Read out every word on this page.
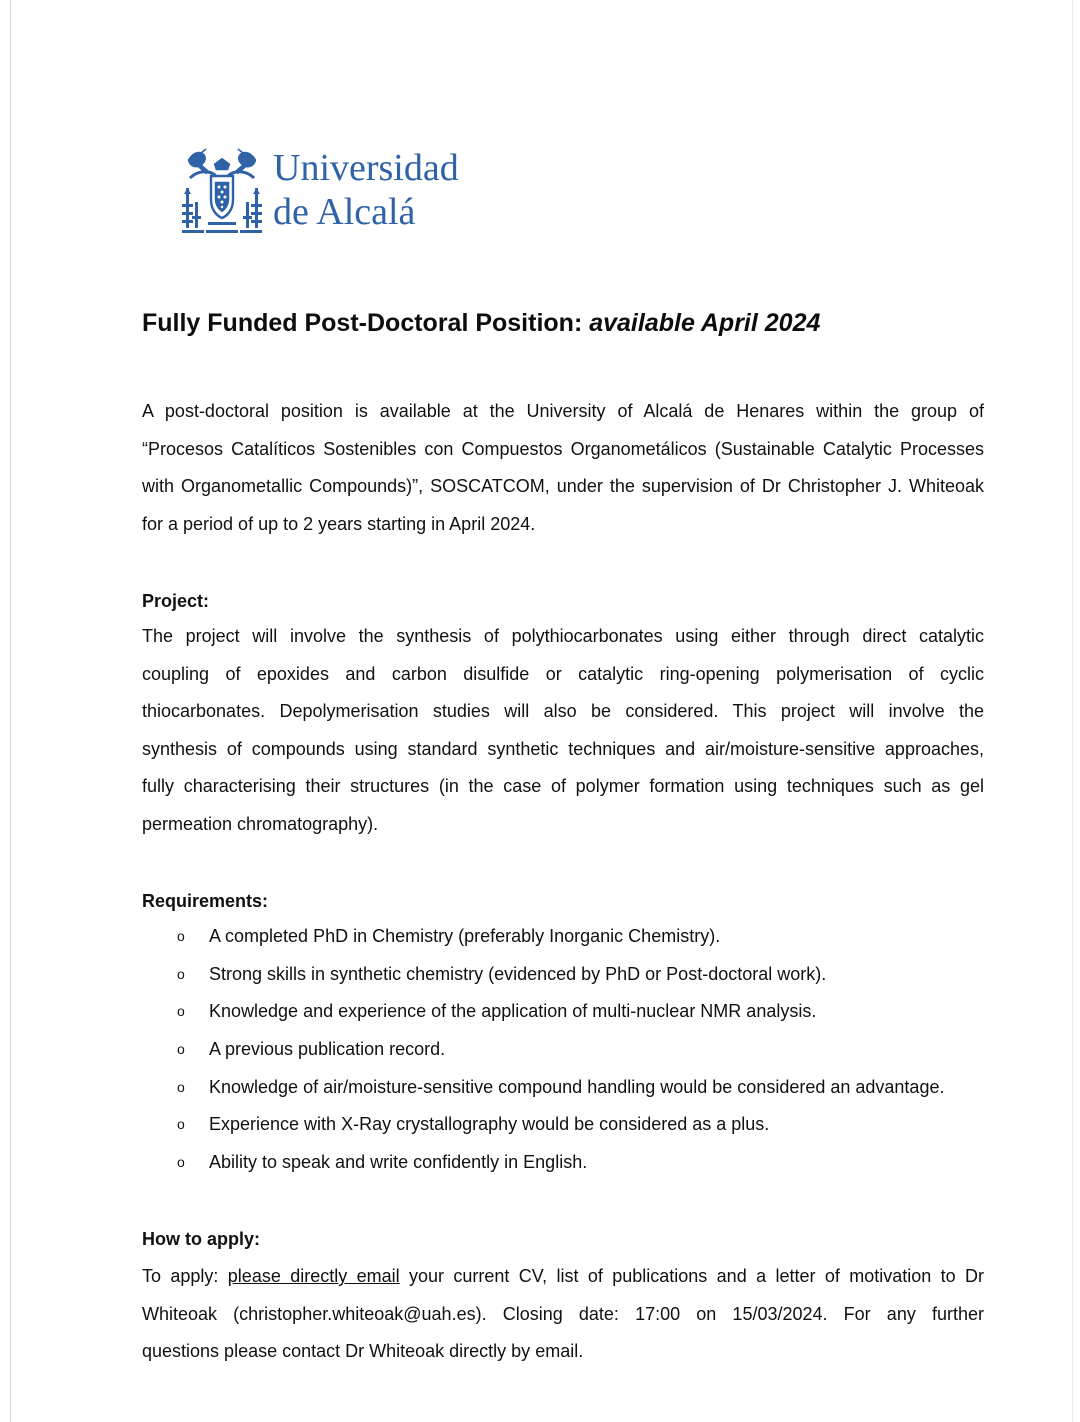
Universidad
de Alcalá
Fully Funded Post-Doctoral Position: available April 2024

A post-doctoral position is available at the University of Alcalá de Henares within the group of
“Procesos Catalíticos Sostenibles con Compuestos Organometálicos (Sustainable Catalytic Processes
with Organometallic Compounds)”, SOSCATCOM, under the supervision of Dr Christopher J. Whiteoak
for a period of up to 2 years starting in April 2024.

Project:

The project will involve the synthesis of polythiocarbonates using either through direct catalytic
coupling of epoxides and carbon disulfide or catalytic ring-opening polymerisation of cyclic
thiocarbonates. Depolymerisation studies will also be considered. This project will involve the
synthesis of compounds using standard synthetic techniques and air/moisture-sensitive approaches,
fully characterising their structures (in the case of polymer formation using techniques such as gel
permeation chromatography).

Requirements:
o A completed PhD in Chemistry (preferably Inorganic Chemistry).
o Strong skills in synthetic chemistry (evidenced by PhD or Post-doctoral work).
o Knowledge and experience of the application of multi-nuclear NMR analysis.
o A previous publication record.
o Knowledge of air/moisture-sensitive compound handling would be considered an advantage.
o Experience with X-Ray crystallography would be considered as a plus.
o Ability to speak and write confidently in English.
How to apply:

To apply: please directly email your current CV, list of publications and a letter of motivation to Dr
Whiteoak (christopher.whiteoak@uah.es). Closing date: 17:00 on 15/03/2024. For any further
questions please contact Dr Whiteoak directly by email.
